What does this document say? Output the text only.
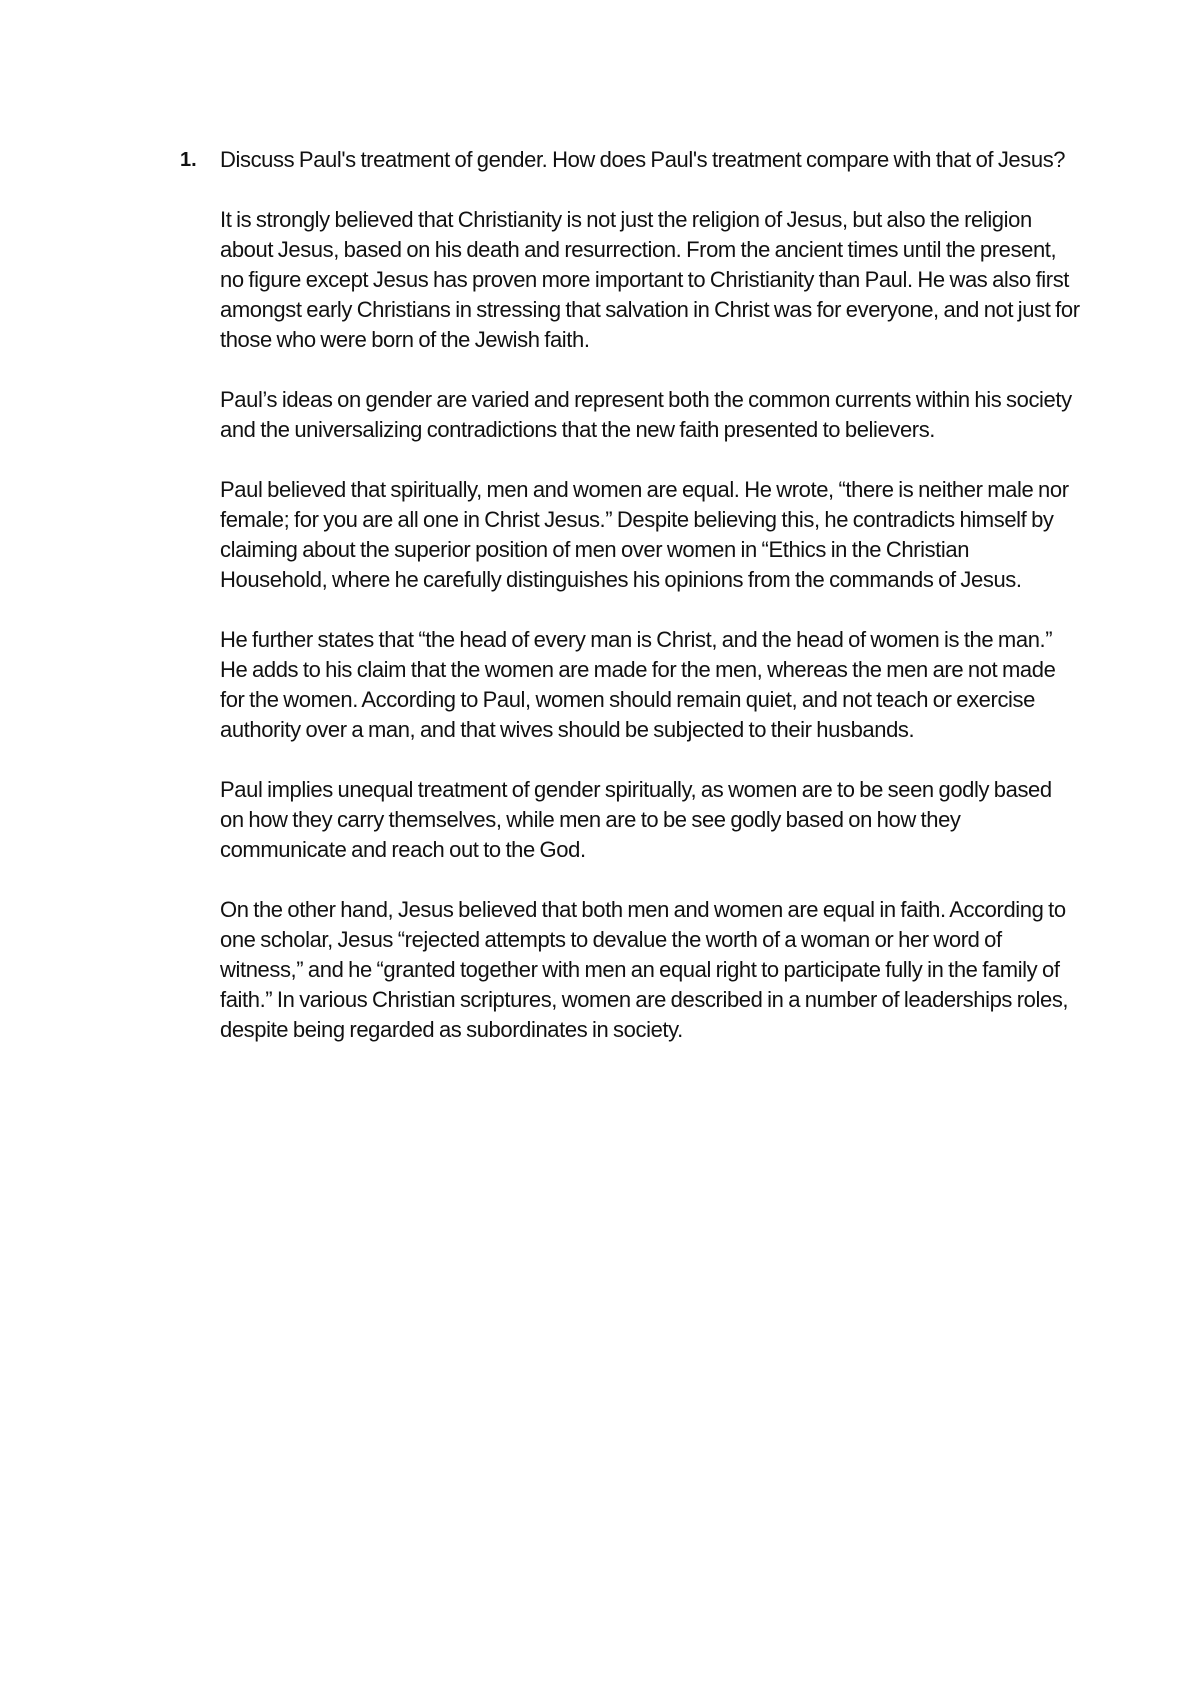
1.	Discuss Paul's treatment of gender. How does Paul's treatment compare with that of Jesus?

It is strongly believed that Christianity is not just the religion of Jesus, but also the religion about Jesus, based on his death and resurrection. From the ancient times until the present, no figure except Jesus has proven more important to Christianity than Paul. He was also first amongst early Christians in stressing that salvation in Christ was for everyone, and not just for those who were born of the Jewish faith.

Paul’s ideas on gender are varied and represent both the common currents within his society and the universalizing contradictions that the new faith presented to believers.

Paul believed that spiritually, men and women are equal. He wrote, “there is neither male nor female; for you are all one in Christ Jesus.” Despite believing this, he contradicts himself by claiming about the superior position of men over women in “Ethics in the Christian Household, where he carefully distinguishes his opinions from the commands of Jesus.

He further states that “the head of every man is Christ, and the head of women is the man.” He adds to his claim that the women are made for the men, whereas the men are not made for the women. According to Paul, women should remain quiet, and not teach or exercise authority over a man, and that wives should be subjected to their husbands.

Paul implies unequal treatment of gender spiritually, as women are to be seen godly based on how they carry themselves, while men are to be see godly based on how they communicate and reach out to the God.

On the other hand, Jesus believed that both men and women are equal in faith. According to one scholar, Jesus “rejected attempts to devalue the worth of a woman or her word of witness,” and he “granted together with men an equal right to participate fully in the family of faith.” In various Christian scriptures, women are described in a number of leaderships roles, despite being regarded as subordinates in society.
